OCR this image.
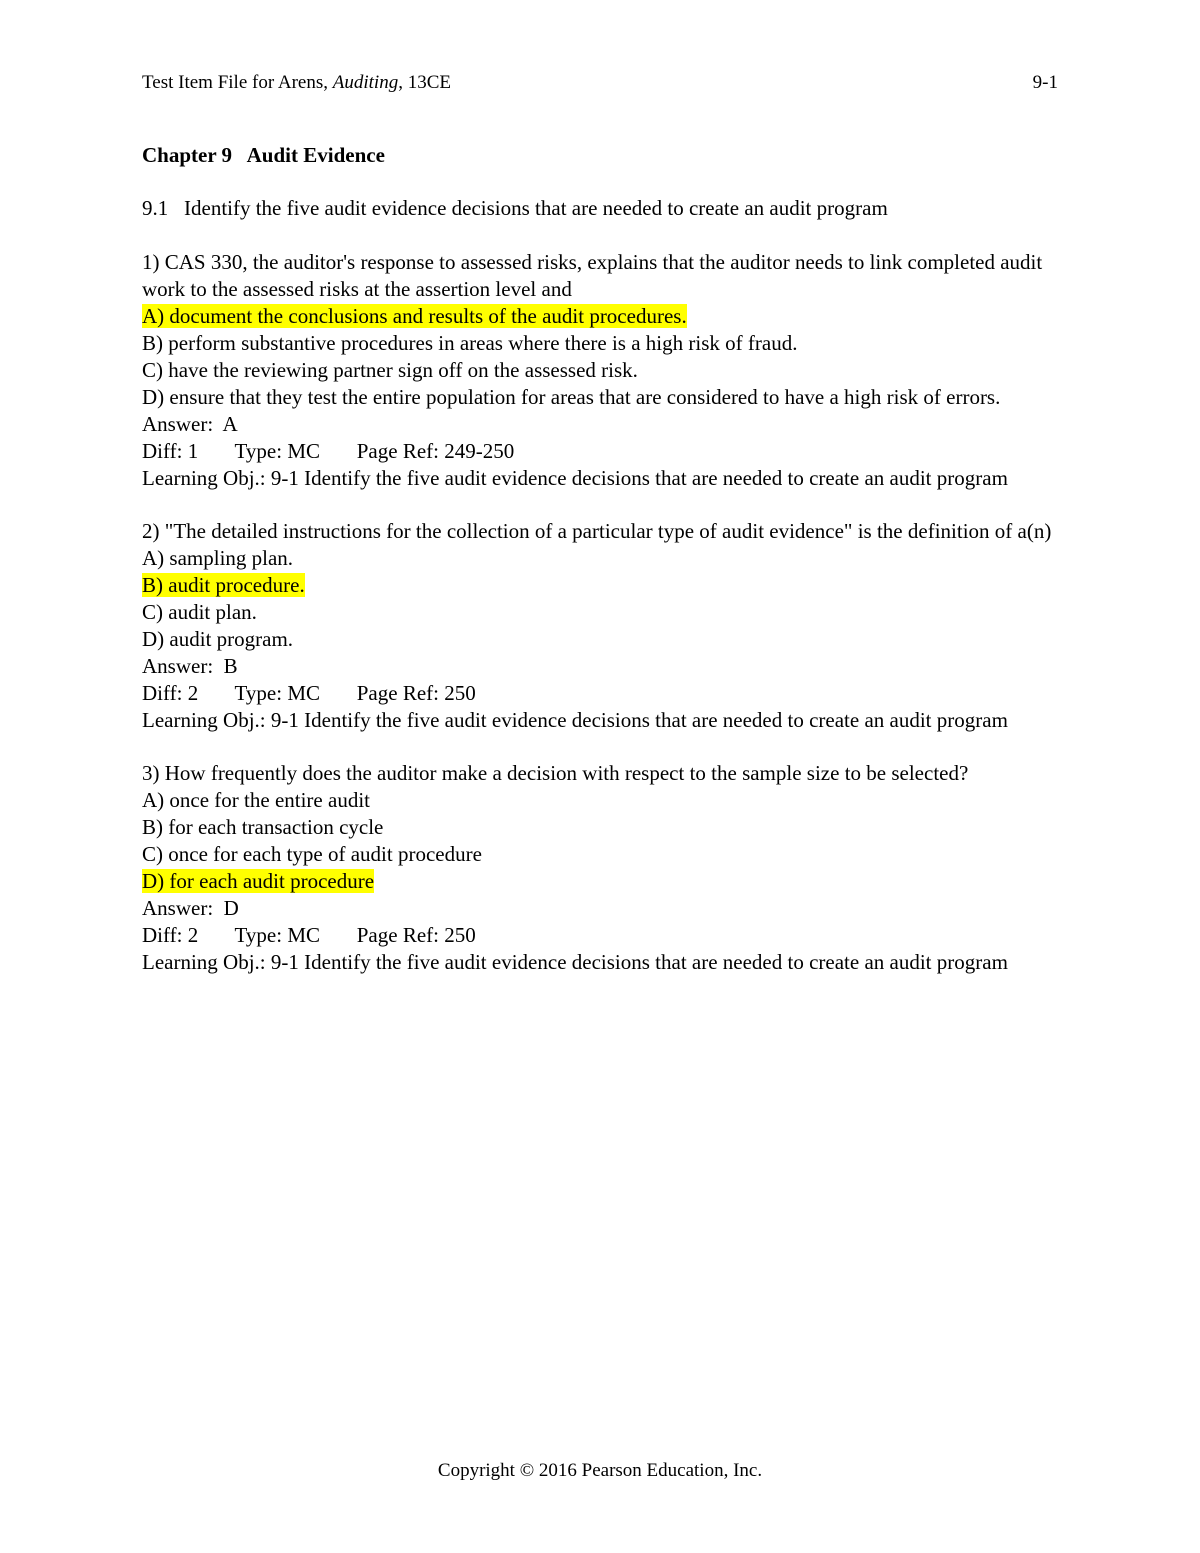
Test Item File for Arens, Auditing, 13CE	9-1
Chapter 9   Audit Evidence
9.1   Identify the five audit evidence decisions that are needed to create an audit program
1) CAS 330, the auditor's response to assessed risks, explains that the auditor needs to link completed audit work to the assessed risks at the assertion level and
A) document the conclusions and results of the audit procedures.
B) perform substantive procedures in areas where there is a high risk of fraud.
C) have the reviewing partner sign off on the assessed risk.
D) ensure that they test the entire population for areas that are considered to have a high risk of errors.
Answer:  A
Diff: 1       Type: MC       Page Ref: 249-250
Learning Obj.: 9-1 Identify the five audit evidence decisions that are needed to create an audit program
2) "The detailed instructions for the collection of a particular type of audit evidence" is the definition of a(n)
A) sampling plan.
B) audit procedure.
C) audit plan.
D) audit program.
Answer:  B
Diff: 2       Type: MC       Page Ref: 250
Learning Obj.: 9-1 Identify the five audit evidence decisions that are needed to create an audit program
3) How frequently does the auditor make a decision with respect to the sample size to be selected?
A) once for the entire audit
B) for each transaction cycle
C) once for each type of audit procedure
D) for each audit procedure
Answer:  D
Diff: 2       Type: MC       Page Ref: 250
Learning Obj.: 9-1 Identify the five audit evidence decisions that are needed to create an audit program
Copyright © 2016 Pearson Education, Inc.
